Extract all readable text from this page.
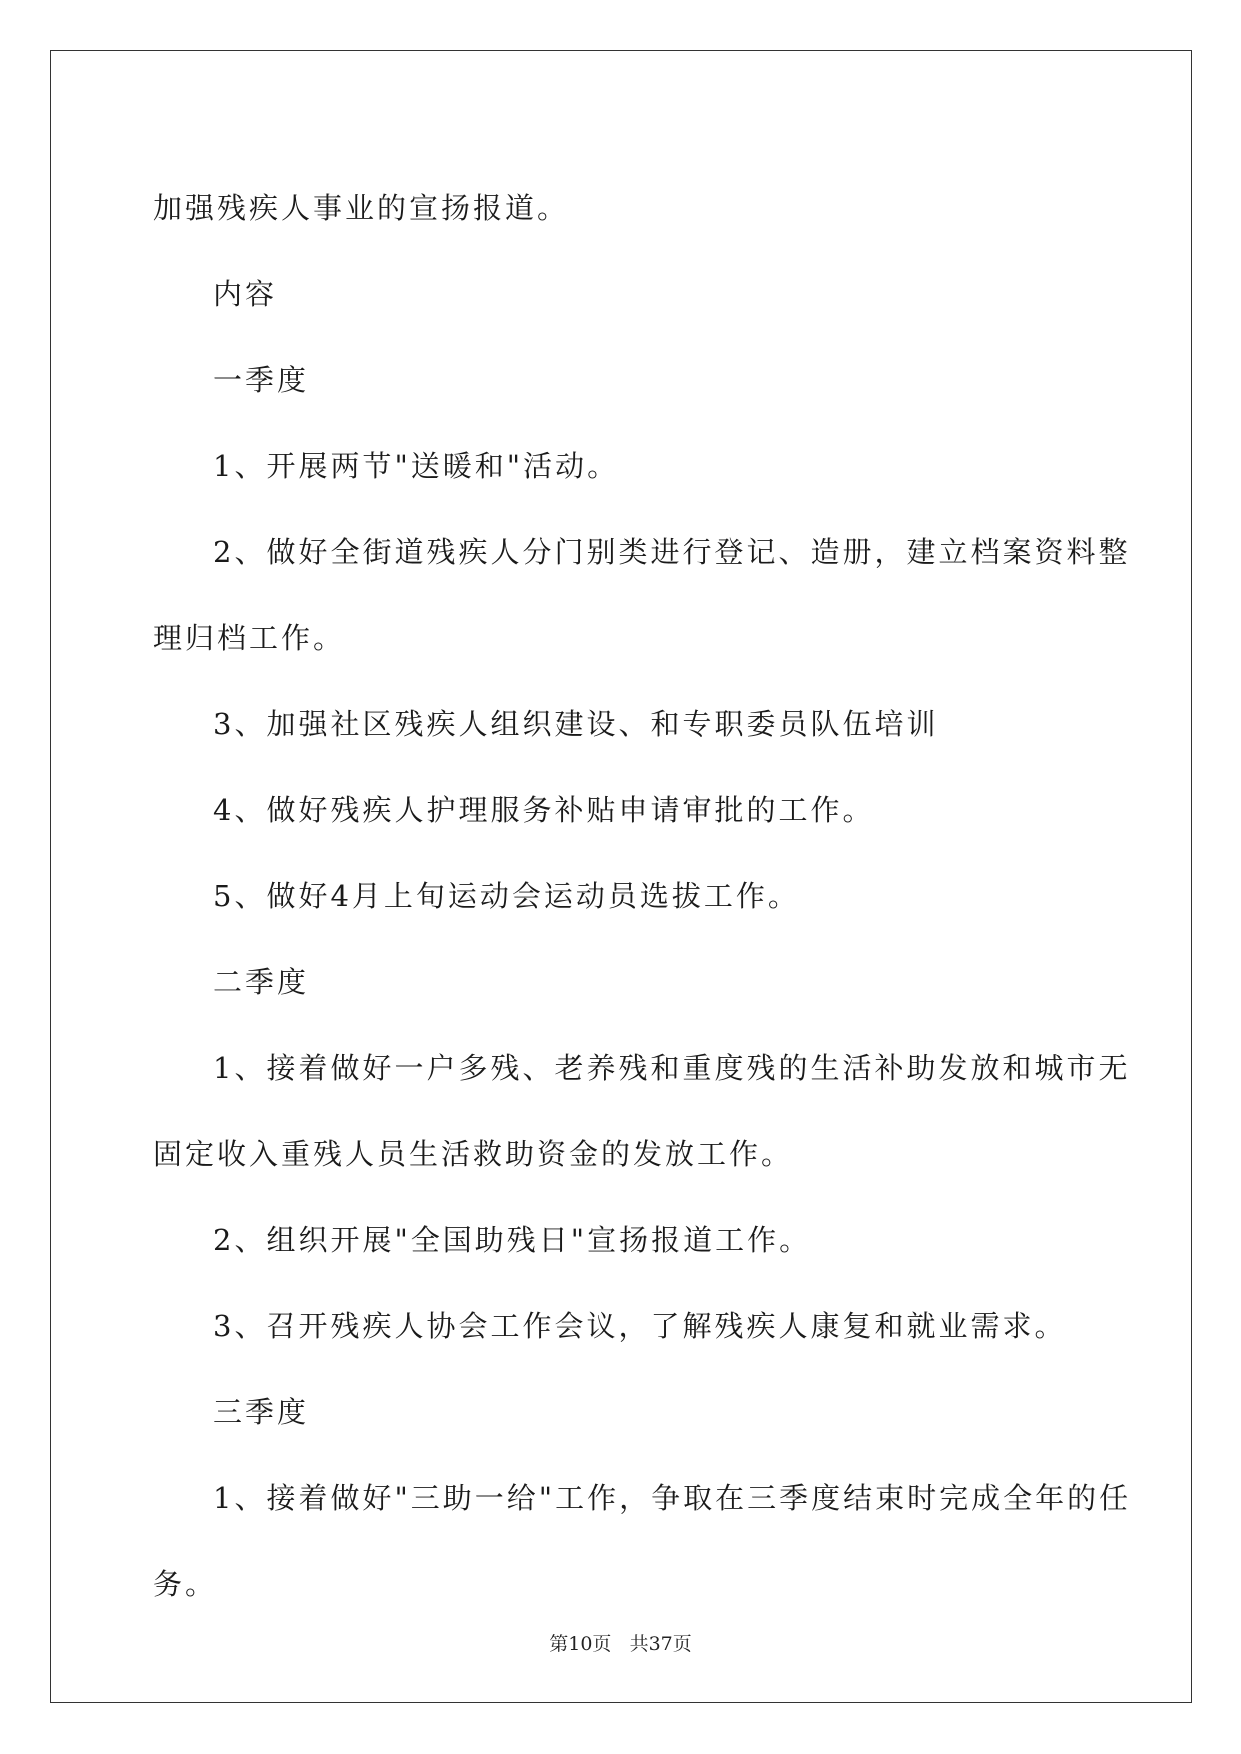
加强残疾人事业的宣扬报道。
内容
一季度
1、开展两节"送暖和"活动。
2、做好全街道残疾人分门别类进行登记、造册，建立档案资料整
理归档工作。
3、加强社区残疾人组织建设、和专职委员队伍培训
4、做好残疾人护理服务补贴申请审批的工作。
5、做好4月上旬运动会运动员选拔工作。
二季度
1、接着做好一户多残、老养残和重度残的生活补助发放和城市无
固定收入重残人员生活救助资金的发放工作。
2、组织开展"全国助残日"宣扬报道工作。
3、召开残疾人协会工作会议，了解残疾人康复和就业需求。
三季度
1、接着做好"三助一给"工作，争取在三季度结束时完成全年的任
务。
第10页 共37页
